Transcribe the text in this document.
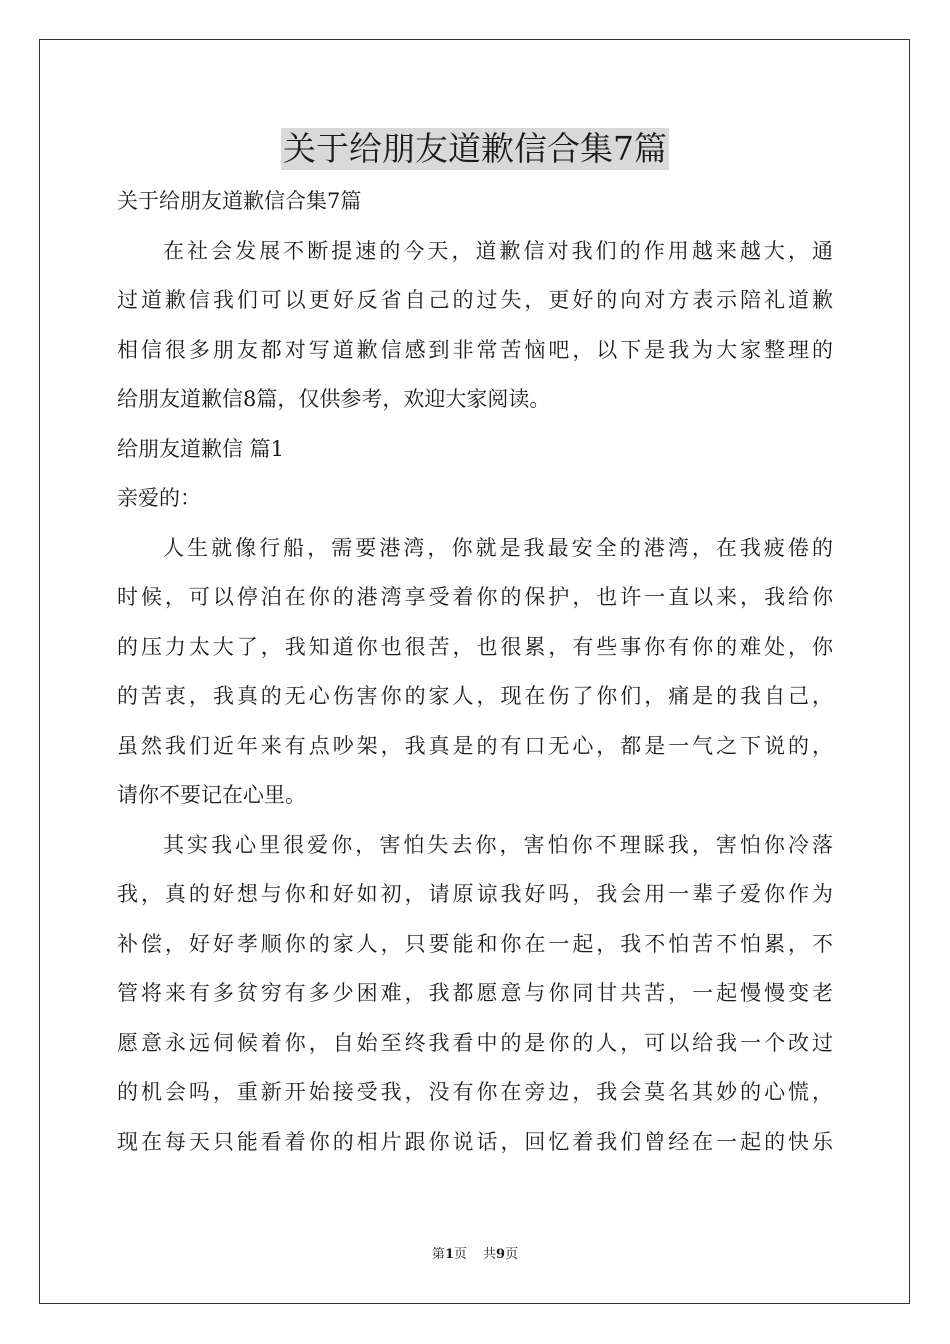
关于给朋友道歉信合集7篇
关于给朋友道歉信合集7篇
在社会发展不断提速的今天，道歉信对我们的作用越来越大，通
过道歉信我们可以更好反省自己的过失，更好的向对方表示陪礼道歉
相信很多朋友都对写道歉信感到非常苦恼吧，以下是我为大家整理的
给朋友道歉信8篇，仅供参考，欢迎大家阅读。
给朋友道歉信 篇1
亲爱的：
人生就像行船，需要港湾，你就是我最安全的港湾，在我疲倦的
时候，可以停泊在你的港湾享受着你的保护，也许一直以来，我给你
的压力太大了，我知道你也很苦，也很累，有些事你有你的难处，你
的苦衷，我真的无心伤害你的家人，现在伤了你们，痛是的我自己，
虽然我们近年来有点吵架，我真是的有口无心，都是一气之下说的，
请你不要记在心里。
其实我心里很爱你，害怕失去你，害怕你不理睬我，害怕你冷落
我，真的好想与你和好如初，请原谅我好吗，我会用一辈子爱你作为
补偿，好好孝顺你的家人，只要能和你在一起，我不怕苦不怕累，不
管将来有多贫穷有多少困难，我都愿意与你同甘共苦，一起慢慢变老
愿意永远伺候着你，自始至终我看中的是你的人，可以给我一个改过
的机会吗，重新开始接受我，没有你在旁边，我会莫名其妙的心慌，
现在每天只能看着你的相片跟你说话，回忆着我们曾经在一起的快乐
第1页 共9页
